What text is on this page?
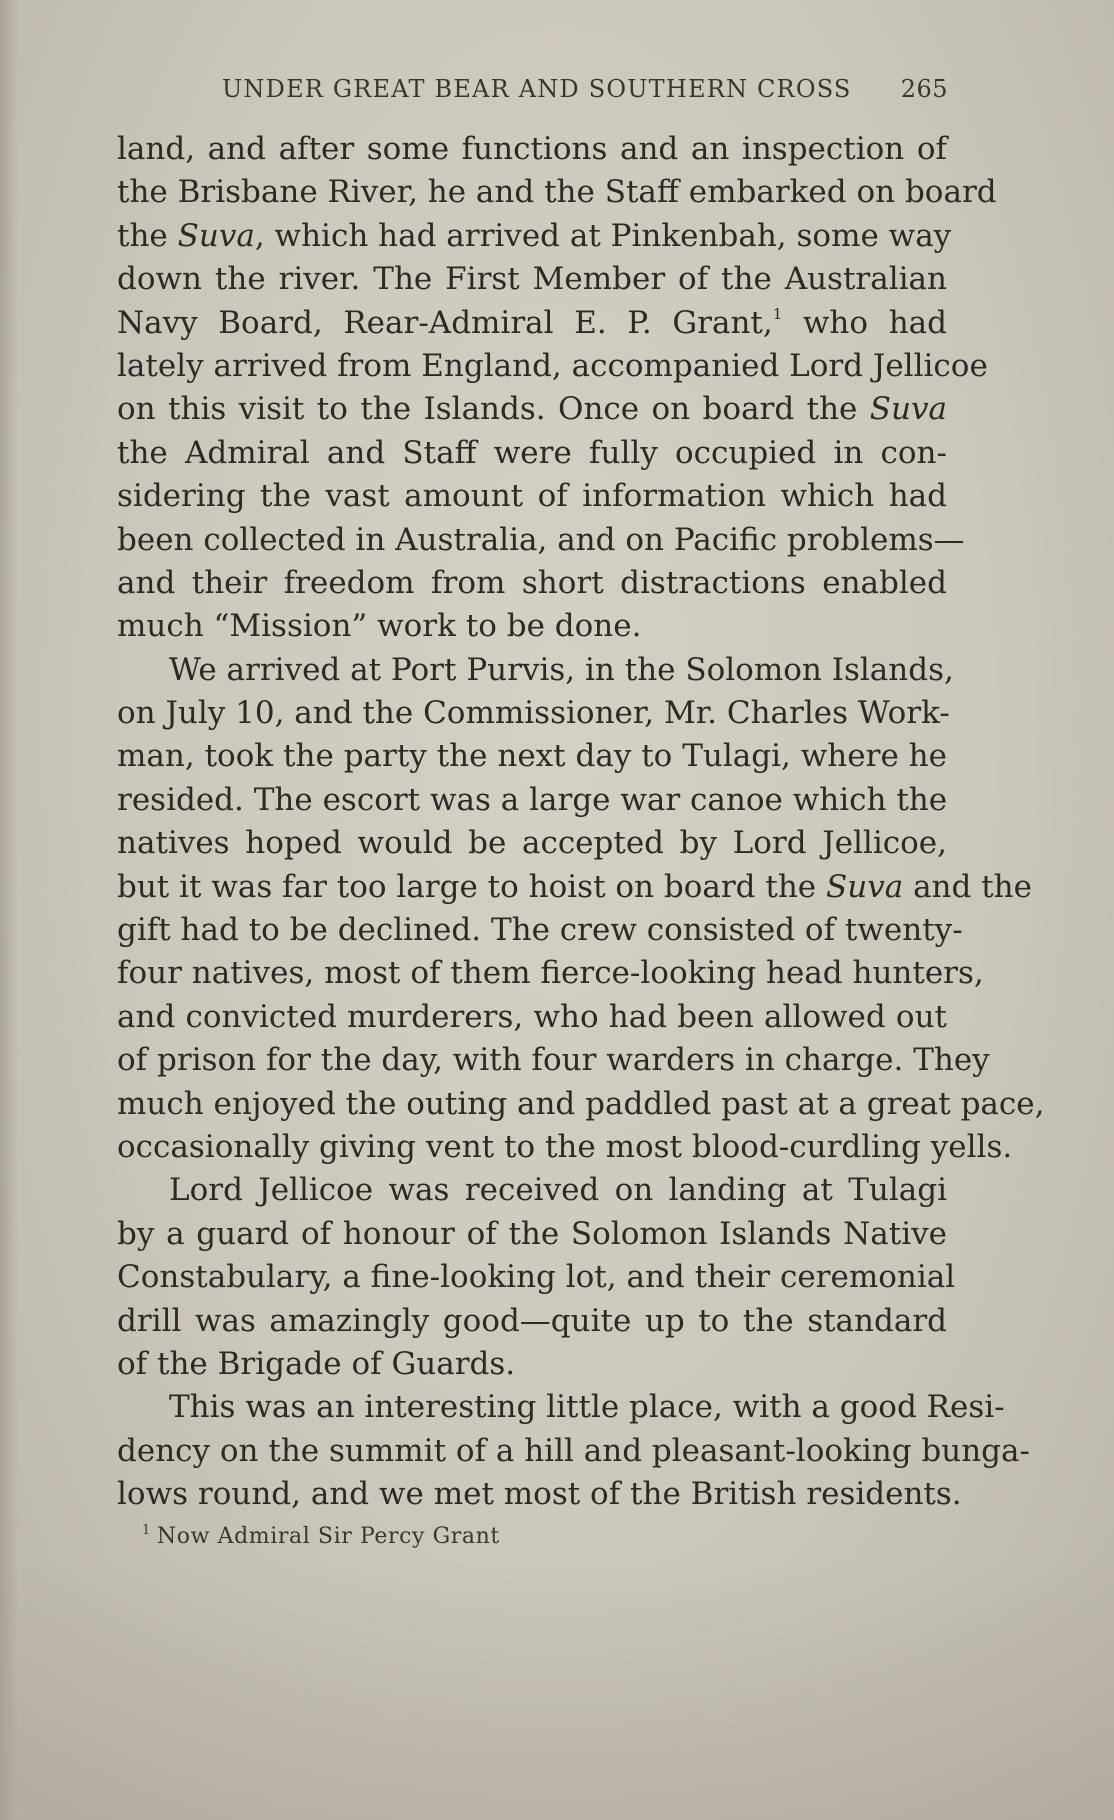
UNDER GREAT BEAR AND SOUTHERN CROSS 265
land, and after some functions and an inspection of
the Brisbane River, he and the Staff embarked on board
the Suva, which had arrived at Pinkenbah, some way
down the river. The First Member of the Australian
Navy Board, Rear-Admiral E. P. Grant,$^1$ who had
lately arrived from England, accompanied Lord Jellicoe
on this visit to the Islands. Once on board the Suva
the Admiral and Staff were fully occupied in con-
sidering the vast amount of information which had
been collected in Australia, and on Pacific problems—
and their freedom from short distractions enabled
much “Mission” work to be done.
We arrived at Port Purvis, in the Solomon Islands,
on July 10, and the Commissioner, Mr. Charles Work-
man, took the party the next day to Tulagi, where he
resided. The escort was a large war canoe which the
natives hoped would be accepted by Lord Jellicoe,
but it was far too large to hoist on board the Suva and the
gift had to be declined. The crew consisted of twenty-
four natives, most of them fierce-looking head hunters,
and convicted murderers, who had been allowed out
of prison for the day, with four warders in charge. They
much enjoyed the outing and paddled past at a great pace,
occasionally giving vent to the most blood-curdling yells.
Lord Jellicoe was received on landing at Tulagi
by a guard of honour of the Solomon Islands Native
Constabulary, a fine-looking lot, and their ceremonial
drill was amazingly good—quite up to the standard
of the Brigade of Guards.
This was an interesting little place, with a good Resi-
dency on the summit of a hill and pleasant-looking bunga-
lows round, and we met most of the British residents.
$^1$ Now Admiral Sir Percy Grant
